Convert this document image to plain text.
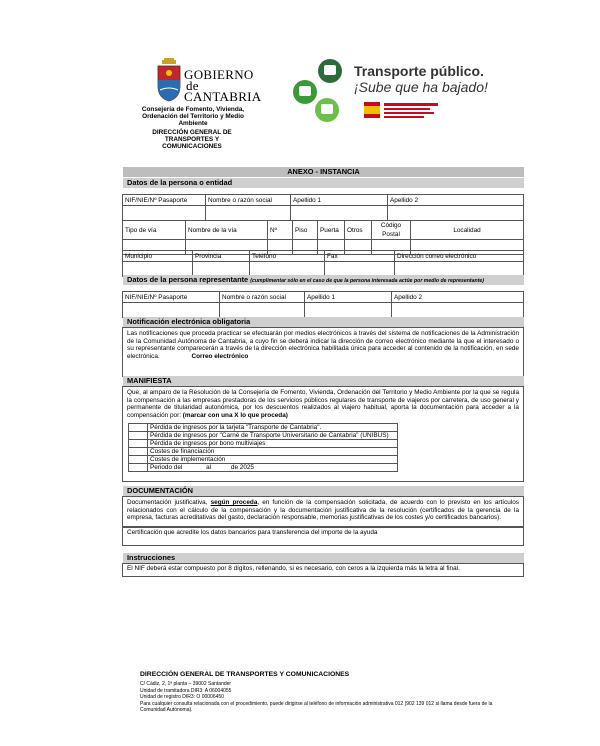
GOBIERNO
de
CANTABRIA
Consejería de Fomento, Vivienda, Ordenación del Territorio y Medio Ambiente
DIRECCIÓN GENERAL DE TRANSPORTES Y COMUNICACIONES
Transporte público.
¡Sube que ha bajado!
ANEXO - INSTANCIA
Datos de la persona o entidad
NIF/NIE/Nº Pasaporte	Nombre o razón social	Apellido 1	Apellido 2

Tipo de vía	Nombre de la vía	Nº	Piso	Puerta	Otros	Código Postal	Localidad

Municipio	Provincia	Teléfono	Fax	Dirección correo electrónico

Datos de la persona representante (cumplimentar sólo en el caso de que la persona interesada actúe por medio de representante)
NIF/NIE/Nº Pasaporte	Nombre o razón social	Apellido 1	Apellido 2

Notificación electrónica obligatoria
Las notificaciones que proceda practicar se efectuarán por medios electrónicos a través del sistema de notificaciones de la Administración de la Comunidad Autónoma de Cantabria, a cuyo fin se deberá indicar la dirección de correo electrónico mediante la que el interesado o su representante comparecerán a través de la dirección electrónica habilitada única para acceder al contenido de la notificación, en sede electrónica.	Correo electrónico
MANIFIESTA
Que, al amparo de la Resolución de la Consejería de Fomento, Vivienda, Ordenación del Territorio y Medio Ambiente por la que se regula la compensación a las empresas prestadoras de los servicios públicos regulares de transporte de viajeros por carretera, de uso general y permanente de titularidad autonómica, por los descuentos realizados al viajero habitual, aporta la documentación para acceder a la compensación por: (marcar con una X lo que proceda)
	Pérdida de ingresos por la tarjeta "Transporte de Cantabria".
	Pérdida de ingresos por "Carné de Transporte Universitario de Cantabria" (UNIBUS)
	Pérdida de ingresos por bono multiviajes
	Costes de financiación
	Costes de implementación
	Periodo del al de 2025
DOCUMENTACIÓN
Documentación justificativa, según proceda, en función de la compensación solicitada, de acuerdo con lo previsto en los artículos relacionados con el cálculo de la compensación y la documentación justificativa de la resolución (certificados de la gerencia de la empresa, facturas acreditativas del gasto, declaración responsable, memorias justificativas de los costes y/o certificados bancarios).
Certificación que acredite los datos bancarios para transferencia del importe de la ayuda
Instrucciones
El NIF deberá estar compuesto por 8 dígitos, rellenando, si es necesario, con ceros a la izquierda más la letra al final.
DIRECCIÓN GENERAL DE TRANSPORTES Y COMUNICACIONES
C/ Cádiz, 2, 1ª planta – 39002 Santander
Unidad de tramitadora DIR3: A 06004055
Unidad de registro DIR3: O 00006450
Para cualquier consulta relacionada con el procedimiento, puede dirigirse al teléfono de información administrativa 012 (902 139 012 si llama desde fuera de la Comunidad Autónoma).
